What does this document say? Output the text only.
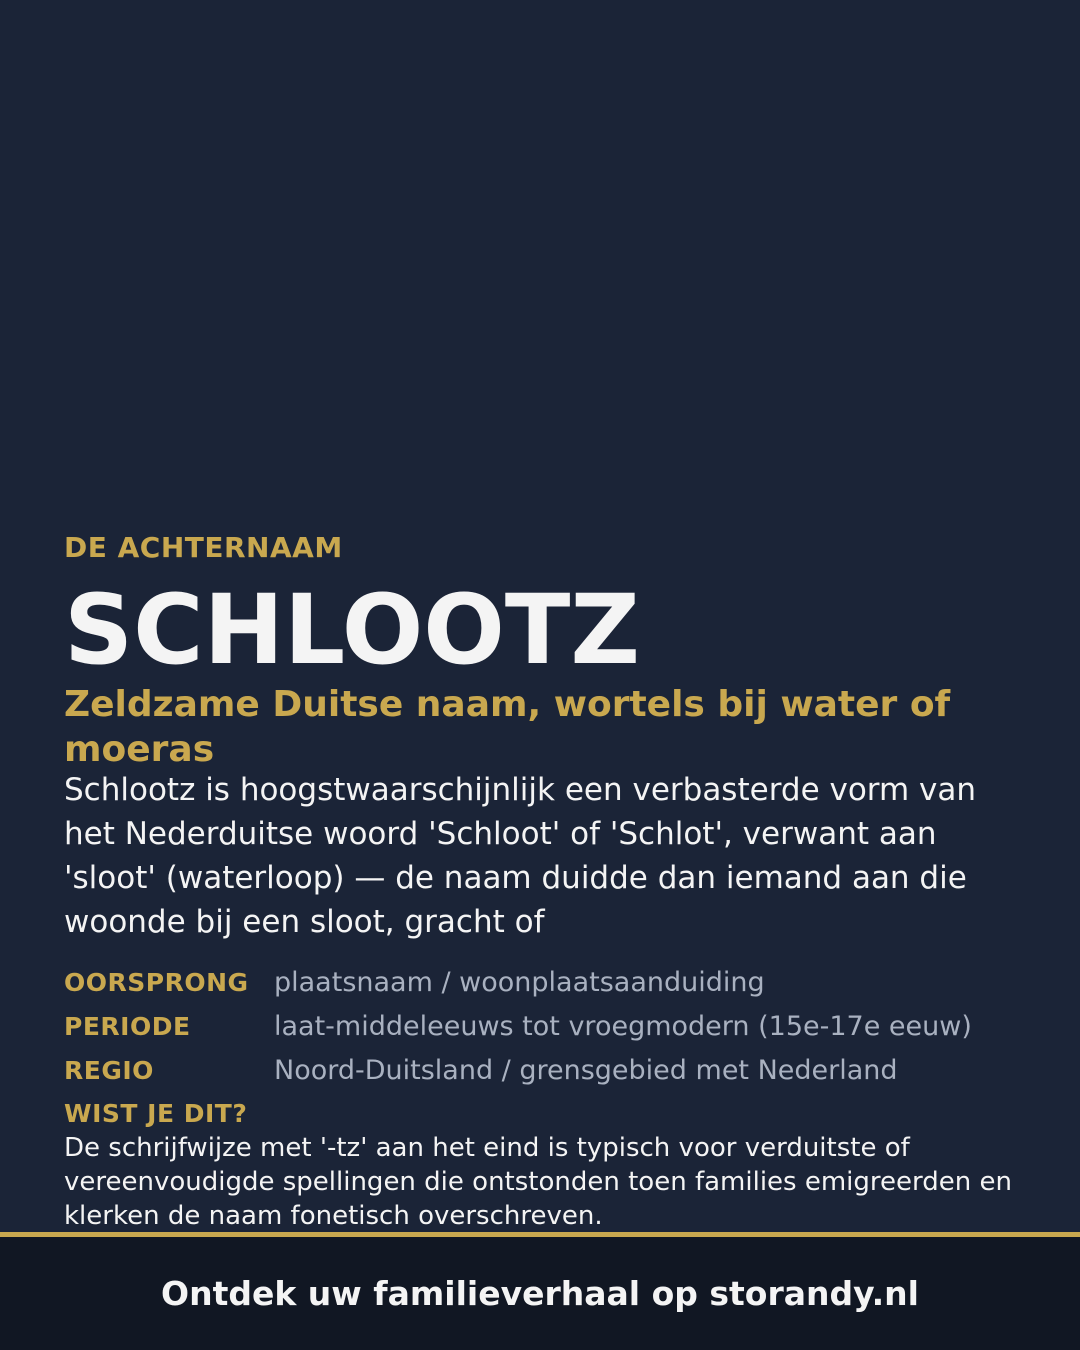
DE ACHTERNAAM
SCHLOOTZ
Zeldzame Duitse naam, wortels bij water of moeras
Schlootz is hoogstwaarschijnlijk een verbasterde vorm van het Nederduitse woord 'Schloot' of 'Schlot', verwant aan 'sloot' (waterloop) — de naam duidde dan iemand aan die woonde bij een sloot, gracht of
OORSPRONG plaatsnaam / woonplaatsaanduiding
PERIODE	laat-middeleeuws tot vroegmodern (15e-17e eeuw)
REGIO	Noord-Duitsland / grensgebied met Nederland
WIST JE DIT?
De schrijfwijze met '-tz' aan het eind is typisch voor verduitste of vereenvoudigde spellingen die ontstonden toen families emigreerden en klerken de naam fonetisch overschreven.
Ontdek uw familieverhaal op storandy.nl
